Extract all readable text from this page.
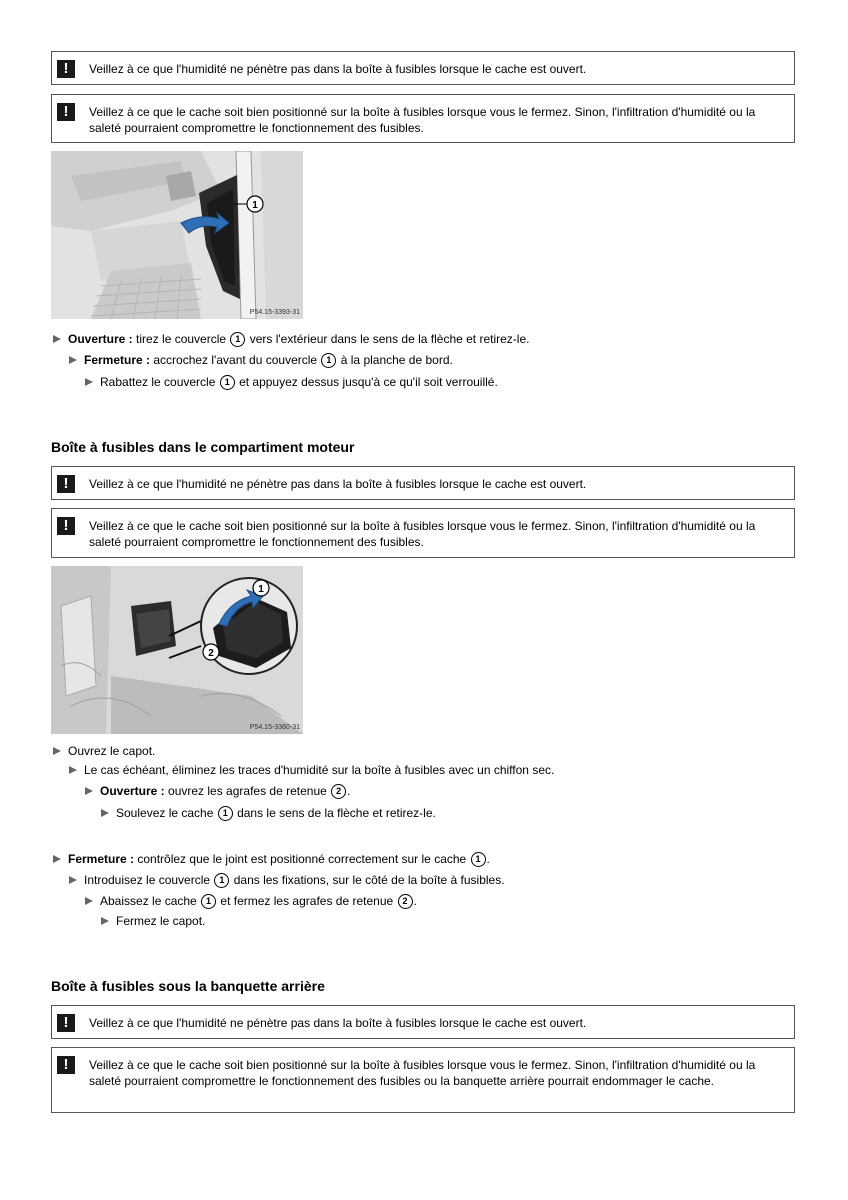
!	Veillez à ce que l'humidité ne pénètre pas dans la boîte à fusibles lorsque le cache est ouvert.
!	Veillez à ce que le cache soit bien positionné sur la boîte à fusibles lorsque vous le fermez. Sinon, l'infiltration d'humidité ou la saleté pourraient compromettre le fonctionnement des fusibles.
1
P54.15-3393-31
Ouverture : tirez le couvercle 1 vers l'extérieur dans le sens de la flèche et retirez-le.
Fermeture : accrochez l'avant du couvercle 1 à la planche de bord.
Rabattez le couvercle 1 et appuyez dessus jusqu'à ce qu'il soit verrouillé.
Boîte à fusibles dans le compartiment moteur
!	Veillez à ce que l'humidité ne pénètre pas dans la boîte à fusibles lorsque le cache est ouvert.
!	Veillez à ce que le cache soit bien positionné sur la boîte à fusibles lorsque vous le fermez. Sinon, l'infiltration d'humidité ou la saleté pourraient compromettre le fonctionnement des fusibles.
1
2
P54.15-3360-31
Ouvrez le capot.
Le cas échéant, éliminez les traces d'humidité sur la boîte à fusibles avec un chiffon sec.
Ouverture : ouvrez les agrafes de retenue 2 .
Soulevez le cache 1 dans le sens de la flèche et retirez-le.
Fermeture : contrôlez que le joint est positionné correctement sur le cache 1 .
Introduisez le couvercle 1 dans les fixations, sur le côté de la boîte à fusibles.
Abaissez le cache 1 et fermez les agrafes de retenue 2 .
Fermez le capot.
Boîte à fusibles sous la banquette arrière
!	Veillez à ce que l'humidité ne pénètre pas dans la boîte à fusibles lorsque le cache est ouvert.
!	Veillez à ce que le cache soit bien positionné sur la boîte à fusibles lorsque vous le fermez. Sinon, l'infiltration d'humidité ou la saleté pourraient compromettre le fonctionnement des fusibles ou la banquette arrière pourrait endommager le cache.
